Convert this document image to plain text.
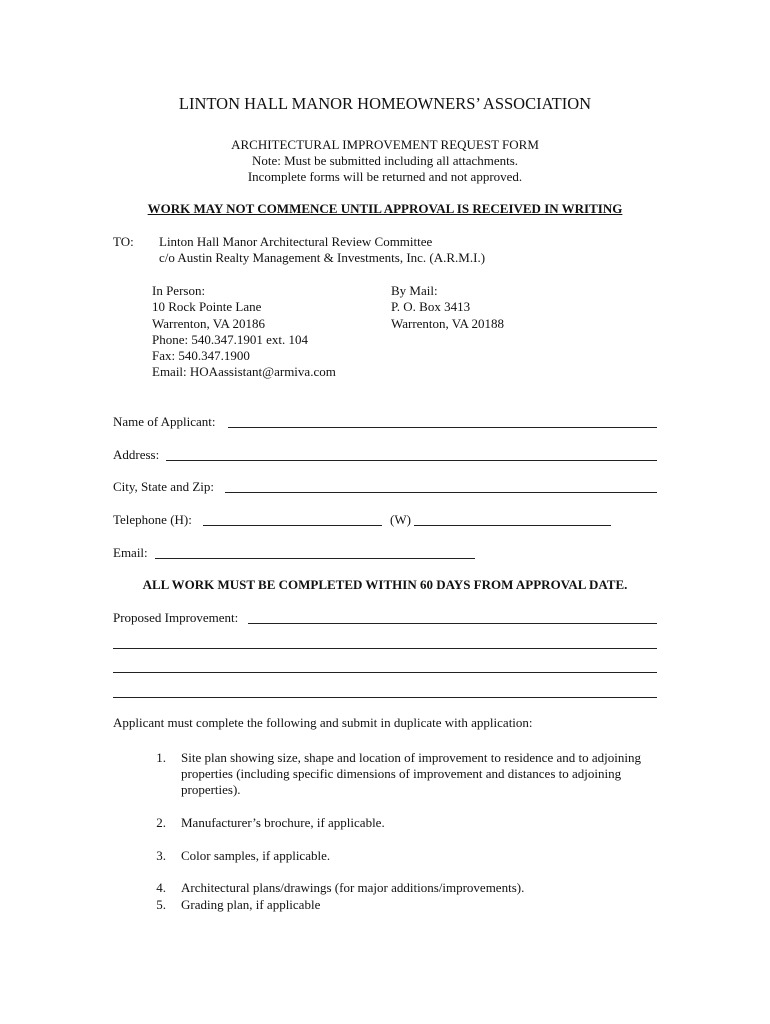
LINTON HALL MANOR HOMEOWNERS’ ASSOCIATION
ARCHITECTURAL IMPROVEMENT REQUEST FORM
Note: Must be submitted including all attachments.
Incomplete forms will be returned and not approved.
WORK MAY NOT COMMENCE UNTIL APPROVAL IS RECEIVED IN WRITING
TO: Linton Hall Manor Architectural Review Committee
c/o Austin Realty Management & Investments, Inc. (A.R.M.I.)
In Person:
10 Rock Pointe Lane
Warrenton, VA 20186
Phone: 540.347.1901 ext. 104
Fax: 540.347.1900
Email: HOAassistant@armiva.com
By Mail:
P. O. Box 3413
Warrenton, VA 20188
Name of Applicant:
Address:
City, State and Zip:
Telephone (H):	(W)
Email:
ALL WORK MUST BE COMPLETED WITHIN 60 DAYS FROM APPROVAL DATE.
Proposed Improvement:
Applicant must complete the following and submit in duplicate with application:
1. Site plan showing size, shape and location of improvement to residence and to adjoining properties (including specific dimensions of improvement and distances to adjoining properties).
2. Manufacturer’s brochure, if applicable.
3. Color samples, if applicable.
4. Architectural plans/drawings (for major additions/improvements).
5. Grading plan, if applicable
